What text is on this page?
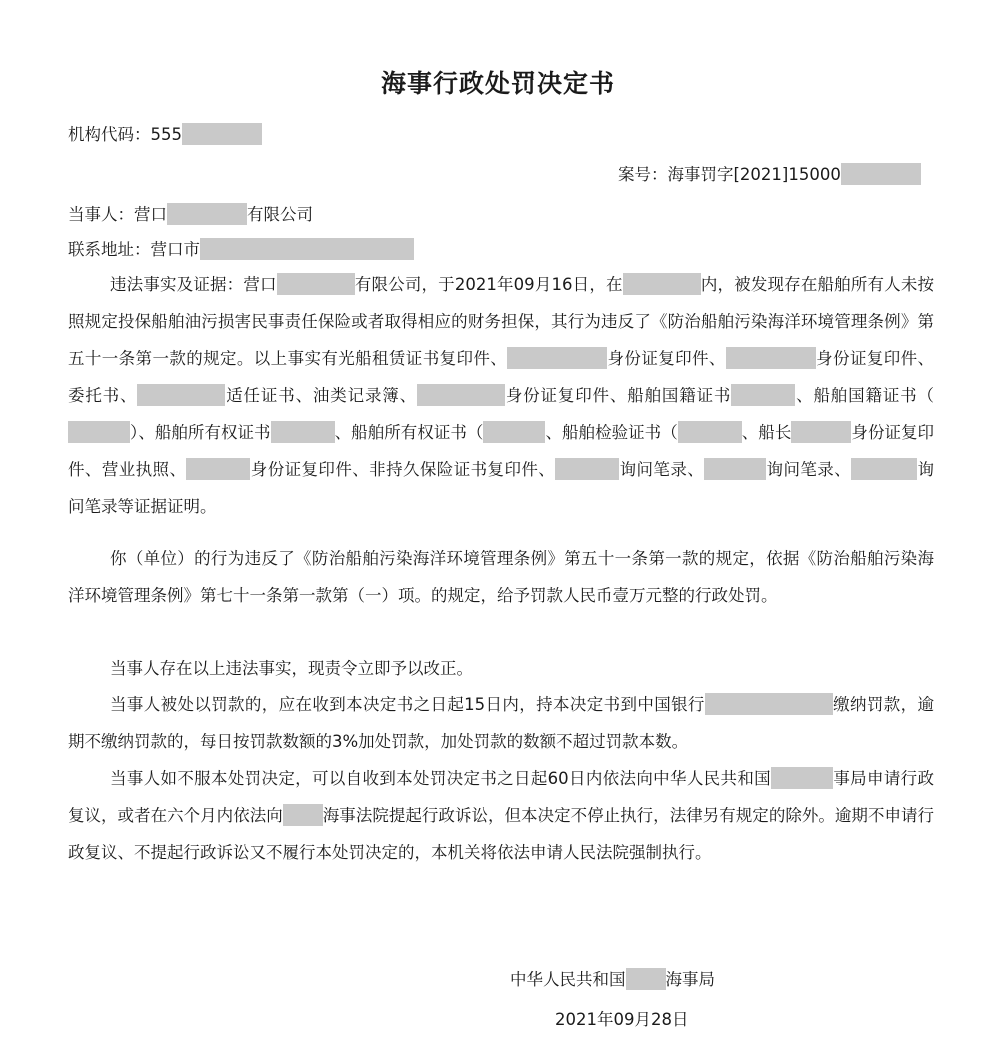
海事行政处罚决定书
机构代码：555
案号：海事罚字[2021]15000
当事人：营口	有限公司
联系地址：营口市
违法事实及证据：营口	有限公司，于2021年09月16日，在	内，被发现存在船舶所有人未按照规定投保船舶油污损害民事责任保险或者取得相应的财务担保，其行为违反了《防治船舶污染海洋环境管理条例》第五十一条第一款的规定。以上事实有光船租赁证书复印件、	身份证复印件、	身份证复印件、委托书、	适任证书、油类记录簿、	身份证复印件、船舶国籍证书	、船舶国籍证书（）、船舶所有权证书	、船舶所有权证书（	、船舶检验证书（	、船长	身份证复印件、营业执照、	身份证复印件、非持久保险证书复印件、	询问笔录、	询问笔录、	询问笔录等证据证明。
你（单位）的行为违反了《防治船舶污染海洋环境管理条例》第五十一条第一款的规定，依据《防治船舶污染海洋环境管理条例》第七十一条第一款第（一）项。的规定，给予罚款人民币壹万元整的行政处罚。
当事人存在以上违法事实，现责令立即予以改正。
当事人被处以罚款的，应在收到本决定书之日起15日内，持本决定书到中国银行	缴纳罚款，逾期不缴纳罚款的，每日按罚款数额的3%加处罚款，加处罚款的数额不超过罚款本数。
当事人如不服本处罚决定，可以自收到本处罚决定书之日起60日内依法向中华人民共和国	事局申请行政复议，或者在六个月内依法向 海事法院提起行政诉讼，但本决定不停止执行，法律另有规定的除外。逾期不申请行政复议、不提起行政诉讼又不履行本处罚决定的，本机关将依法申请人民法院强制执行。
中华人民共和国 海事局
2021年09月28日
